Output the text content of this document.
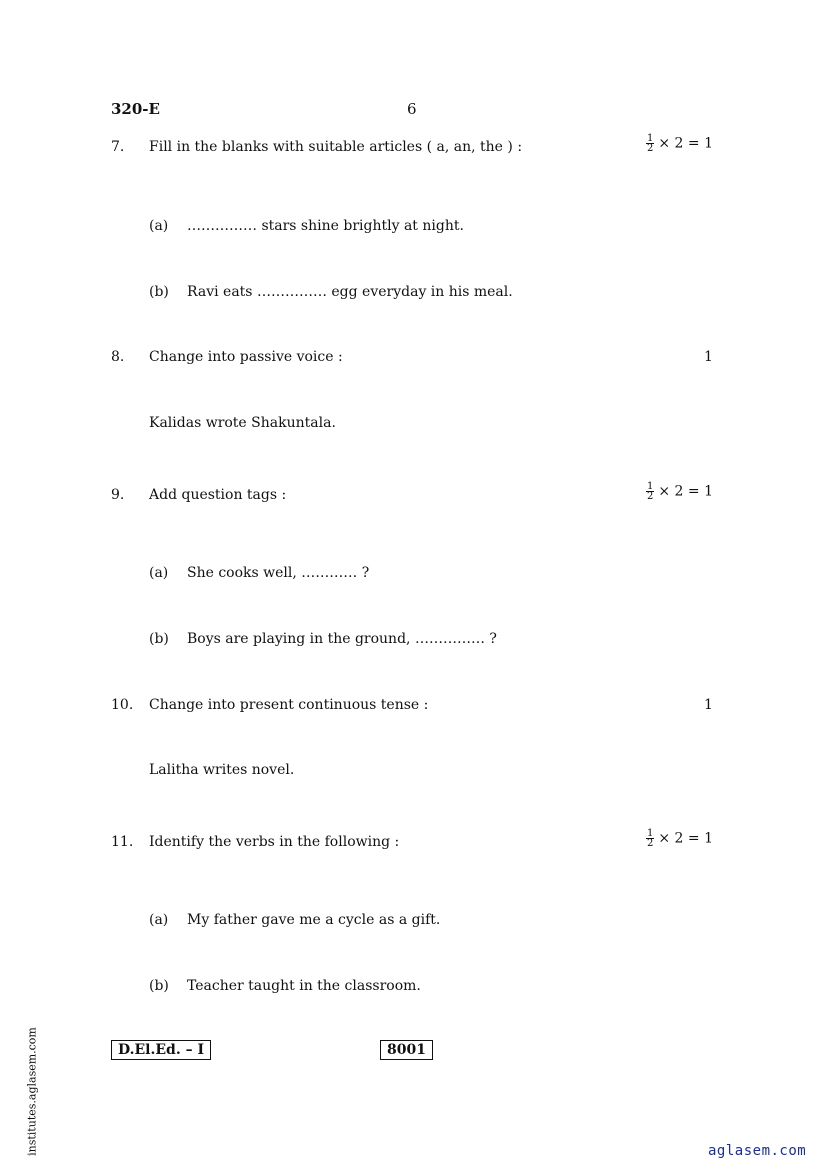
320-E	6
7. Fill in the blanks with suitable articles ( a, an, the ) :	$\frac{1}{2} \times 2 = 1$
(a) …………… stars shine brightly at night.
(b) Ravi eats …………… egg everyday in his meal.
8. Change into passive voice :	1
Kalidas wrote Shakuntala.
9. Add question tags :	$\frac{1}{2} \times 2 = 1$
(a) She cooks well, ………… ?
(b) Boys are playing in the ground, …………… ?
10. Change into present continuous tense :	1
Lalitha writes novel.
11. Identify the verbs in the following :	$\frac{1}{2} \times 2 = 1$
(a) My father gave me a cycle as a gift.
(b) Teacher taught in the classroom.
D.El.Ed. – I	8001
institutes.aglasem.com	aglasem.com
